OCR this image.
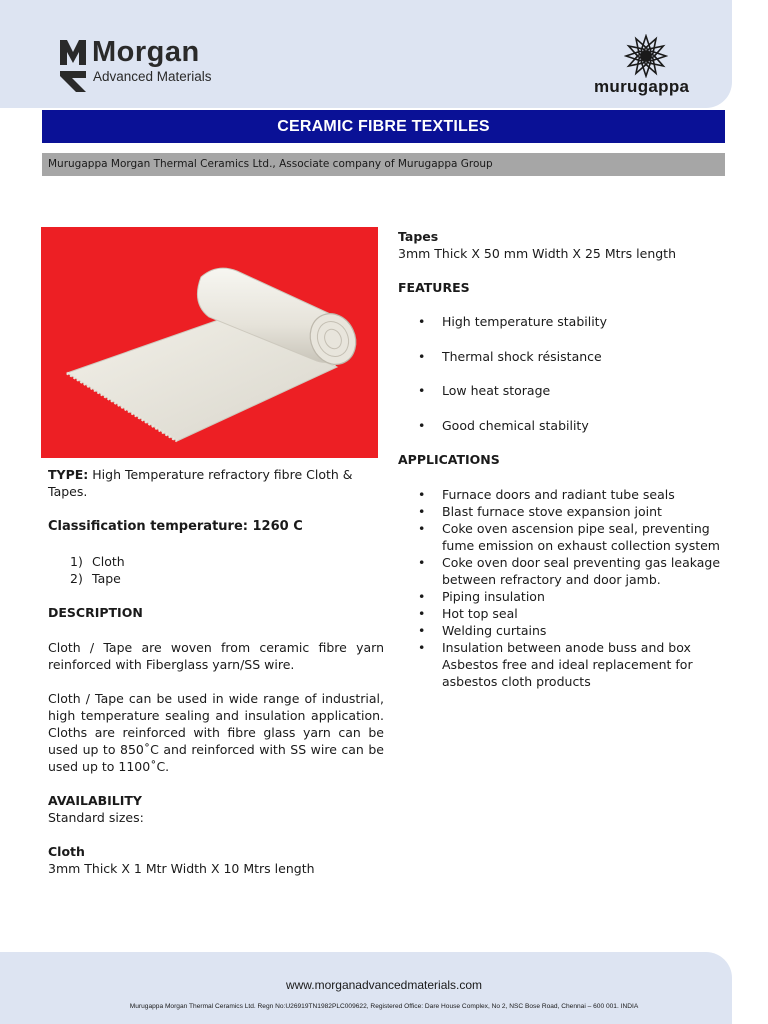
Morgan
Advanced Materials
murugappa
CERAMIC FIBRE TEXTILES
Murugappa Morgan Thermal Ceramics Ltd., Associate company of Murugappa Group

TYPE: High Temperature refractory fibre Cloth & Tapes.

Classification temperature: 1260 C

1) Cloth
2) Tape

DESCRIPTION

Cloth / Tape are woven from ceramic fibre yarn reinforced with Fiberglass yarn/SS wire.

Cloth / Tape can be used in wide range of industrial, high temperature sealing and insulation application. Cloths are reinforced with fibre glass yarn can be used up to 850˚C and reinforced with SS wire can be used up to 1100˚C.

AVAILABILITY

Standard sizes:

Cloth

3mm Thick X 1 Mtr Width X 10 Mtrs length

Tapes

3mm Thick X 50 mm Width X 25 Mtrs length

FEATURES

• High temperature stability
• Thermal shock résistance
• Low heat storage
• Good chemical stability

APPLICATIONS

• Furnace doors and radiant tube seals
• Blast furnace stove expansion joint
• Coke oven ascension pipe seal, preventing fume emission on exhaust collection system
• Coke oven door seal preventing gas leakage between refractory and door jamb.
• Piping insulation
• Hot top seal
• Welding curtains
• Insulation between anode buss and box Asbestos free and ideal replacement for asbestos cloth products
www.morganadvancedmaterials.com
Murugappa Morgan Thermal Ceramics Ltd. Regn No:U26919TN1982PLC009622, Registered Office: Dare House Complex, No 2, NSC Bose Road, Chennai – 600 001. INDIA
